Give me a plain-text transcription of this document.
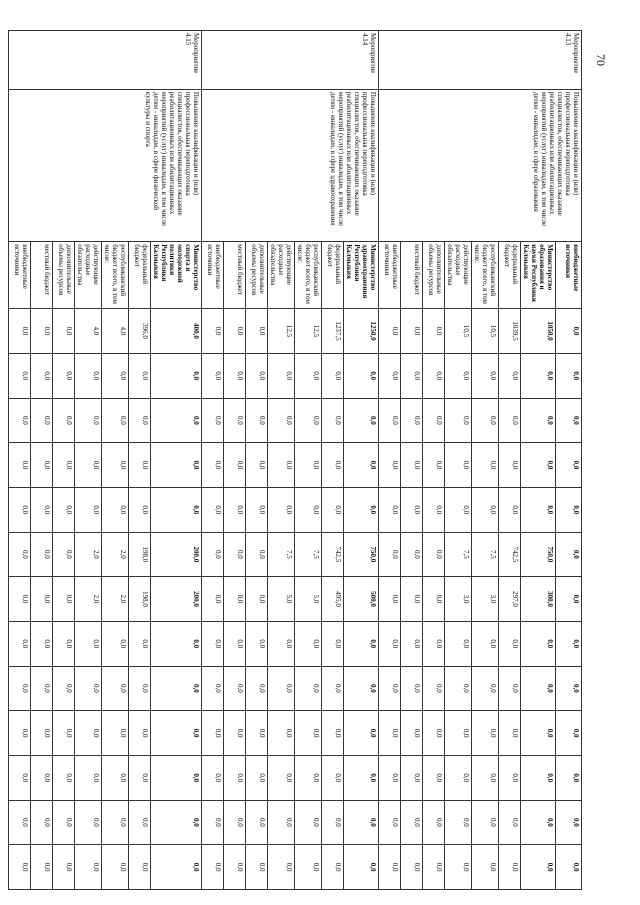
70
Мероприятие 4.13	Повышение квалификации и (или) профессиональная переподготовка специалистов, обеспечивающих оказание реабилитационных или абилитационных мероприятий (услуг) инвалидам, в том числе детям - инвалидам, в сфере образования	внебюджетные источники	0,0	0,0	0,0	0,0	0,0	0,0	0,0	0,0	0,0	0,0	0,0	0,0	0,0
		Министерство образования и науки Республики Калмыкия	1050,0	0,0	0,0	0,0	0,0	750,0	300,0	0,0	0,0	0,0	0,0	0,0	0,0
		федеральный бюджет	1039,5	0,0	0,0	0,0	0,0	742,5	297,0	0,0	0,0	0,0	0,0	0,0	0,0
		республиканский бюджет всего, в том числе:	10,5	0,0	0,0	0,0	0,0	7,5	3,0	0,0	0,0	0,0	0,0	0,0	0,0
		действующие расходные обязательства	10,5	0,0	0,0	0,0	0,0	7,5	3,0	0,0	0,0	0,0	0,0	0,0	0,0
		дополнительные объемы ресурсов	0,0	0,0	0,0	0,0	0,0	0,0	0,0	0,0	0,0	0,0	0,0	0,0	0,0
		местный бюджет	0,0	0,0	0,0	0,0	0,0	0,0	0,0	0,0	0,0	0,0	0,0	0,0	0,0
		внебюджетные источники	0,0	0,0	0,0	0,0	0,0	0,0	0,0	0,0	0,0	0,0	0,0	0,0	0,0
Мероприятие 4.14	Повышение квалификации и (или) профессиональная переподготовка специалистов, обеспечивающих оказание реабилитационных или абилитационных мероприятий (услуг) инвалидам, в том числе детям - инвалидам, в сфере здравоохранения	Министерство здравоохранения Республики Калмыкия	1250,0	0,0	0,0	0,0	0,0	750,0	500,0	0,0	0,0	0,0	0,0	0,0	0,0
		федеральный бюджет	1237,5	0,0	0,0	0,0	0,0	742,5	495,0	0,0	0,0	0,0	0,0	0,0	0,0
		республиканский бюджет всего, в том числе:	12,5	0,0	0,0	0,0	0,0	7,5	5,0	0,0	0,0	0,0	0,0	0,0	0,0
		действующие расходные обязательства	12,5	0,0	0,0	0,0	0,0	7,5	5,0	0,0	0,0	0,0	0,0	0,0	0,0
		дополнительные объемы ресурсов	0,0	0,0	0,0	0,0	0,0	0,0	0,0	0,0	0,0	0,0	0,0	0,0	0,0
		местный бюджет	0,0	0,0	0,0	0,0	0,0	0,0	0,0	0,0	0,0	0,0	0,0	0,0	0,0
		внебюджетные источники	0,0	0,0	0,0	0,0	0,0	0,0	0,0	0,0	0,0	0,0	0,0	0,0	0,0
Мероприятие 4.15	Повышение квалификации и (или) профессиональная переподготовка специалистов, обеспечивающих оказание реабилитационных или абилитационных мероприятий (услуг) инвалидам, в том числе детям - инвалидам, в сфере физической культуры и спорта	Министерство спорта и молодежной политики Республики Калмыкия	400,0	0,0	0,0	0,0	0,0	200,0	200,0	0,0	0,0	0,0	0,0	0,0	0,0
		федеральный бюджет	396,0	0,0	0,0	0,0	0,0	198,0	198,0	0,0	0,0	0,0	0,0	0,0	0,0
		республиканский бюджет всего, в том числе:	4,0	0,0	0,0	0,0	0,0	2,0	2,0	0,0	0,0	0,0	0,0	0,0	0,0
		действующие расходные обязательства	4,0	0,0	0,0	0,0	0,0	2,0	2,0	0,0	0,0	0,0	0,0	0,0	0,0
		дополнительные объемы ресурсов	0,0	0,0	0,0	0,0	0,0	0,0	0,0	0,0	0,0	0,0	0,0	0,0	0,0
		местный бюджет	0,0	0,0	0,0	0,0	0,0	0,0	0,0	0,0	0,0	0,0	0,0	0,0	0,0
		внебюджетные источники	0,0	0,0	0,0	0,0	0,0	0,0	0,0	0,0	0,0	0,0	0,0	0,0	0,0
